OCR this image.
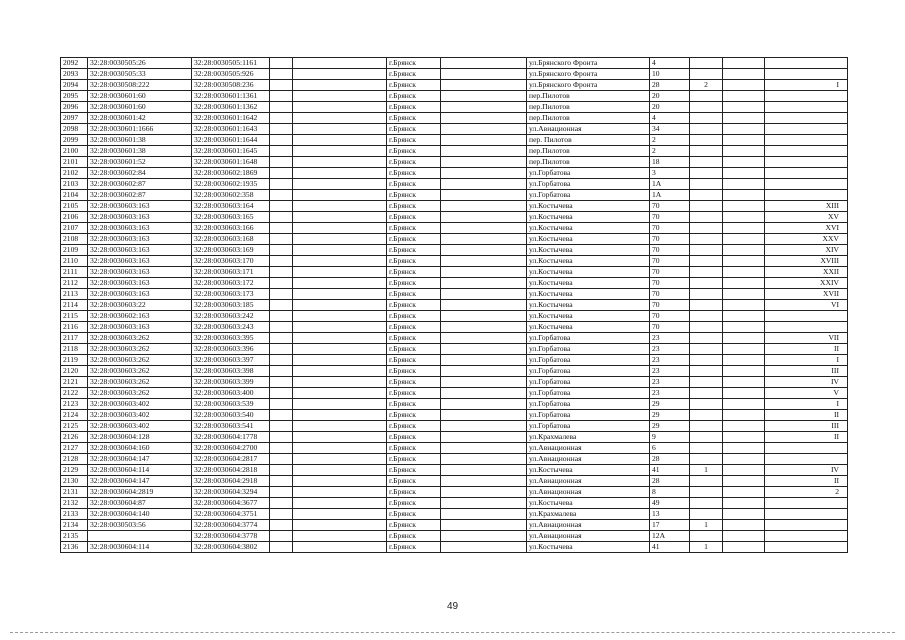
2092	32:28:0030505:26	32:28:0030505:1161			г.Брянск		ул.Брянского Фронта	4			
2093	32:28:0030505:33	32:28:0030505:926			г.Брянск		ул.Брянского Фронта	10			
2094	32:28:0030508:222	32:28:0030508:236			г.Брянск		ул.Брянского Фронта	28	2		I
2095	32:28:0030601:60	32:28:0030601:1361			г.Брянск		пер.Пилотов	20			
2096	32:28:0030601:60	32:28:0030601:1362			г.Брянск		пер.Пилотов	20			
2097	32:28:0030601:42	32:28:0030601:1642			г.Брянск		пер.Пилотов	4			
2098	32:28:0030601:1666	32:28:0030601:1643			г.Брянск		ул.Авиационная	34			
2099	32:28:0030601:38	32:28:0030601:1644			г.Брянск		пер. Пилотов	2			
2100	32:28:0030601:38	32:28:0030601:1645			г.Брянск		пер.Пилотов	2			
2101	32:28:0030601:52	32:28:0030601:1648			г.Брянск		пер.Пилотов	18			
2102	32:28:0030602:84	32:28:0030602:1869			г.Брянск		ул.Горбатова	3			
2103	32:28:0030602:87	32:28:0030602:1935			г.Брянск		ул.Горбатова	1А			
2104	32:28:0030602:87	32:28:0030602:358			г.Брянск		ул.Горбатова	1А			
2105	32:28:0030603:163	32:28:0030603:164			г.Брянск		ул.Костычева	70			XIII
2106	32:28:0030603:163	32:28:0030603:165			г.Брянск		ул.Костычева	70			XV
2107	32:28:0030603:163	32:28:0030603:166			г.Брянск		ул.Костычева	70			XVI
2108	32:28:0030603:163	32:28:0030603:168			г.Брянск		ул.Костычева	70			XXV
2109	32:28:0030603:163	32:28:0030603:169			г.Брянск		ул.Костычева	70			XIV
2110	32:28:0030603:163	32:28:0030603:170			г.Брянск		ул.Костычева	70			XVIII
2111	32:28:0030603:163	32:28:0030603:171			г.Брянск		ул.Костычева	70			XXII
2112	32:28:0030603:163	32:28:0030603:172			г.Брянск		ул.Костычева	70			XXIV
2113	32:28:0030603:163	32:28:0030603:173			г.Брянск		ул.Костычева	70			XVII
2114	32:28:0030603:22	32:28:0030603:185			г.Брянск		ул.Костычева	70			VI
2115	32:28:0030602:163	32:28:0030603:242			г.Брянск		ул.Костычева	70			
2116	32:28:0030603:163	32:28:0030603:243			г.Брянск		ул.Костычева	70			
2117	32:28:0030603:262	32:28:0030603:395			г.Брянск		ул.Горбатова	23			VII
2118	32:28:0030603:262	32:28:0030603:396			г.Брянск		ул.Горбатова	23			II
2119	32:28:0030603:262	32:28:0030603:397			г.Брянск		ул.Горбатова	23			I
2120	32:28:0030603:262	32:28:0030603:398			г.Брянск		ул.Горбатова	23			III
2121	32:28:0030603:262	32:28:0030603:399			г.Брянск		ул.Горбатова	23			IV
2122	32:28:0030603:262	32:28:0030603:400			г.Брянск		ул.Горбатова	23			V
2123	32:28:0030603:402	32:28:0030603:539			г.Брянск		ул.Горбатова	29			I
2124	32:28:0030603:402	32:28:0030603:540			г.Брянск		ул.Горбатова	29			II
2125	32:28:0030603:402	32:28:0030603:541			г.Брянск		ул.Горбатова	29			III
2126	32:28:0030604:128	32:28:0030604:1778			г.Брянск		ул.Крахмалева	9			II
2127	32:28:0030604:160	32:28:0030604:2700			г.Брянск		ул.Авиационная	6			
2128	32:28:0030604:147	32:28:0030604:2817			г.Брянск		ул.Авиационная	28			
2129	32:28:0030604:114	32:28:0030604:2818			г.Брянск		ул.Костычева	41	1		IV
2130	32:28:0030604:147	32:28:0030604:2918			г.Брянск		ул.Авиационная	28			II
2131	32:28:0030604:2819	32:28:0030604:3294			г.Брянск		ул.Авиационная	8			2
2132	32:28:0030604:87	32:28:0030604:3677			г.Брянск		ул.Костычева	49			
2133	32:28:0030604:140	32:28:0030604:3751			г.Брянск		ул.Крахмалева	13			
2134	32:28:0030503:56	32:28:0030604:3774			г.Брянск		ул.Авиационная	17	1		
2135		32:28:0030604:3778			г.Брянск		ул.Авиационная	12А			
2136	32:28:0030604:114	32:28:0030604:3802			г.Брянск		ул.Костычева	41	1		
49
